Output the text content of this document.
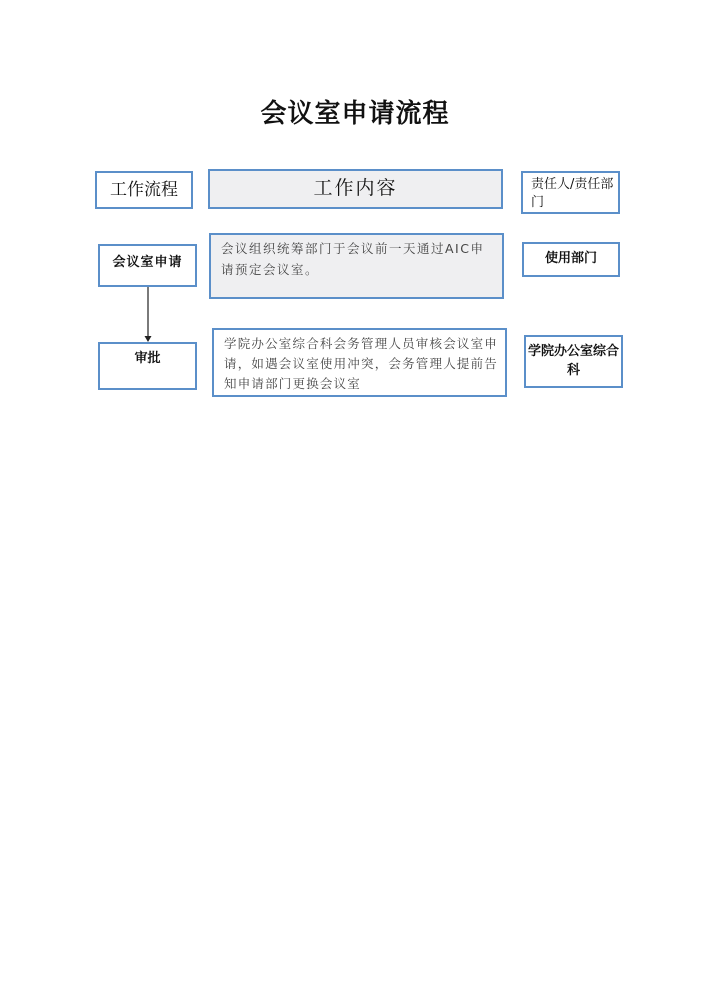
会议室申请流程
工作流程	工作内容	责任人/责任部门
会议室申请
会议组织统筹部门于会议前一天通过AIC申请预定会议室。
使用部门
审批
学院办公室综合科会务管理人员审核会议室申请，如遇会议室使用冲突，会务管理人提前告知申请部门更换会议室
学院办公室综合科
